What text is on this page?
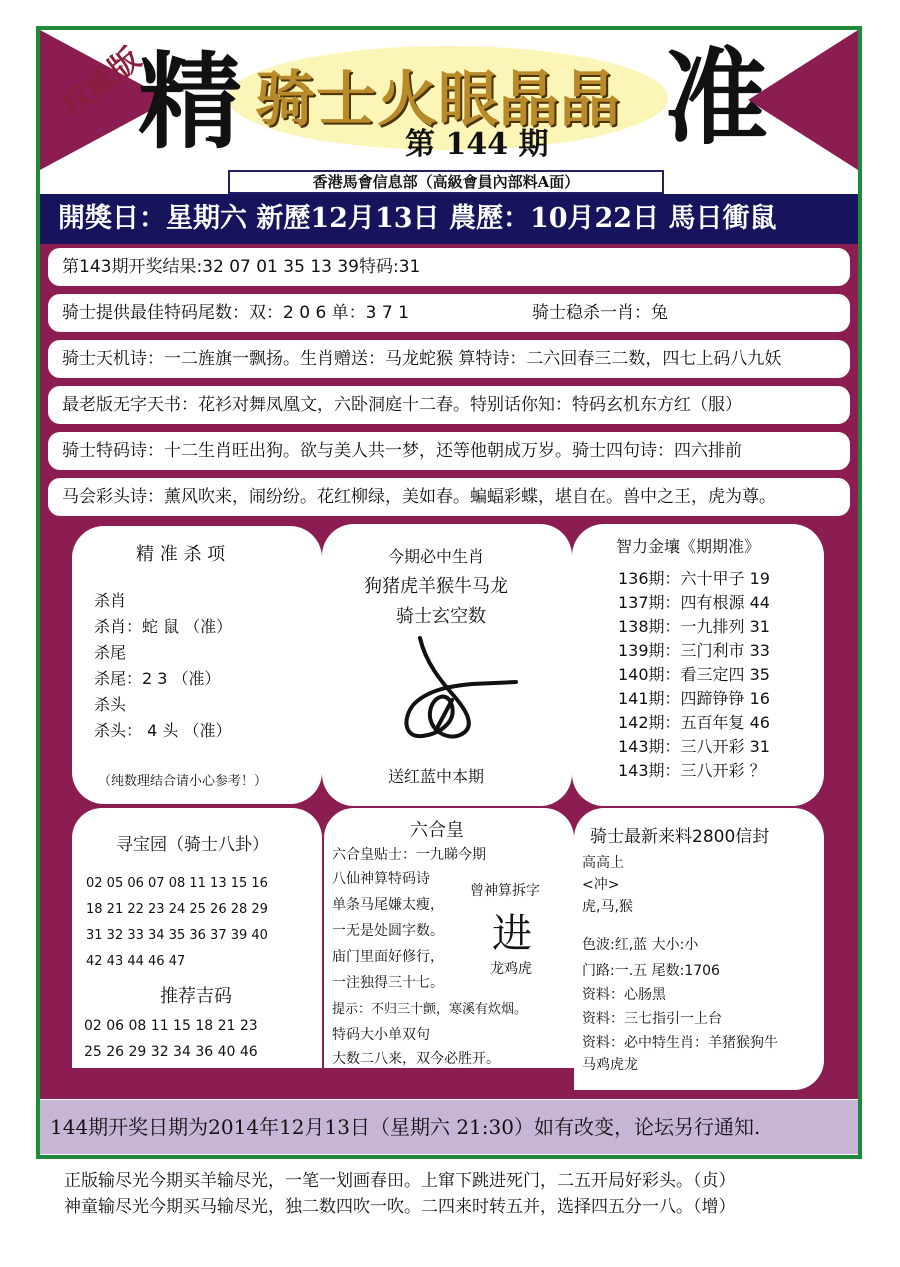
权威版
精	准
骑士火眼晶晶
第 144 期
香港馬會信息部（高級會員內部料A面）
開獎日：星期六 新歷12月13日 農歷：10月22日 馬日衝鼠
第143期开奖结果:32 07 01 35 13 39特码:31
骑士提供最佳特码尾数：双：2 0 6 单：3 7 1	骑士稳杀一肖：兔
骑士天机诗：一二旌旗一飘扬。生肖赠送：马龙蛇猴 算特诗：二六回春三二数，四七上码八九妖
最老版无字天书：花衫对舞凤凰文，六卧洞庭十二春。特别话你知：特码玄机东方红（服）
骑士特码诗：十二生肖旺出狗。欲与美人共一梦，还等他朝成万岁。骑士四句诗：四六排前
马会彩头诗：薰风吹来，闹纷纷。花红柳绿，美如春。蝙蝠彩蝶，堪自在。兽中之王，虎为尊。
精 准 杀 项
杀肖
杀肖：蛇 鼠 （准）
杀尾
杀尾：2 3 （准）
杀头
杀头： 4 头 （准）
（纯数理结合请小心参考！）
今期必中生肖
狗猪虎羊猴牛马龙
骑士玄空数
送红蓝中本期
智力金壤《期期准》
136期：六十甲子 19
137期：四有根源 44
138期：一九排列 31
139期：三门利市 33
140期：看三定四 35
141期：四蹄铮铮 16
142期：五百年复 46
143期：三八开彩 31
143期：三八开彩 ？
寻宝园（骑士八卦）
02 05 06 07 08 11 13 15 16
18 21 22 23 24 25 26 28 29
31 32 33 34 35 36 37 39 40
42 43 44 46 47
推荐吉码
02 06 08 11 15 18 21 23
25 26 29 32 34 36 40 46
六合皇
六合皇贴士：一九睇今期
八仙神算特码诗
单条马尾嫌太瘦，
一无是处圆字数。
庙门里面好修行，
一注独得三十七。
提示：不归三十颤，寒溪有炊烟。
特码大小单双句
大数二八来，双今必胜开。
曾神算拆字
进
龙鸡虎
骑士最新来料2800信封
高高上
<冲>
虎,马,猴
色波:红,蓝 大小:小
门路:一.五 尾数:1706
资料：心肠黑
资料：三七指引一上台
资料：必中特生肖：羊猪猴狗牛
马鸡虎龙
144期开奖日期为2014年12月13日（星期六 21:30）如有改变，论坛另行通知.
正版输尽光今期买羊输尽光，一笔一划画春田。上窜下跳进死门，二五开局好彩头。（贞）
神童输尽光今期买马输尽光，独二数四吹一吹。二四来时转五并，选择四五分一八。（增）
